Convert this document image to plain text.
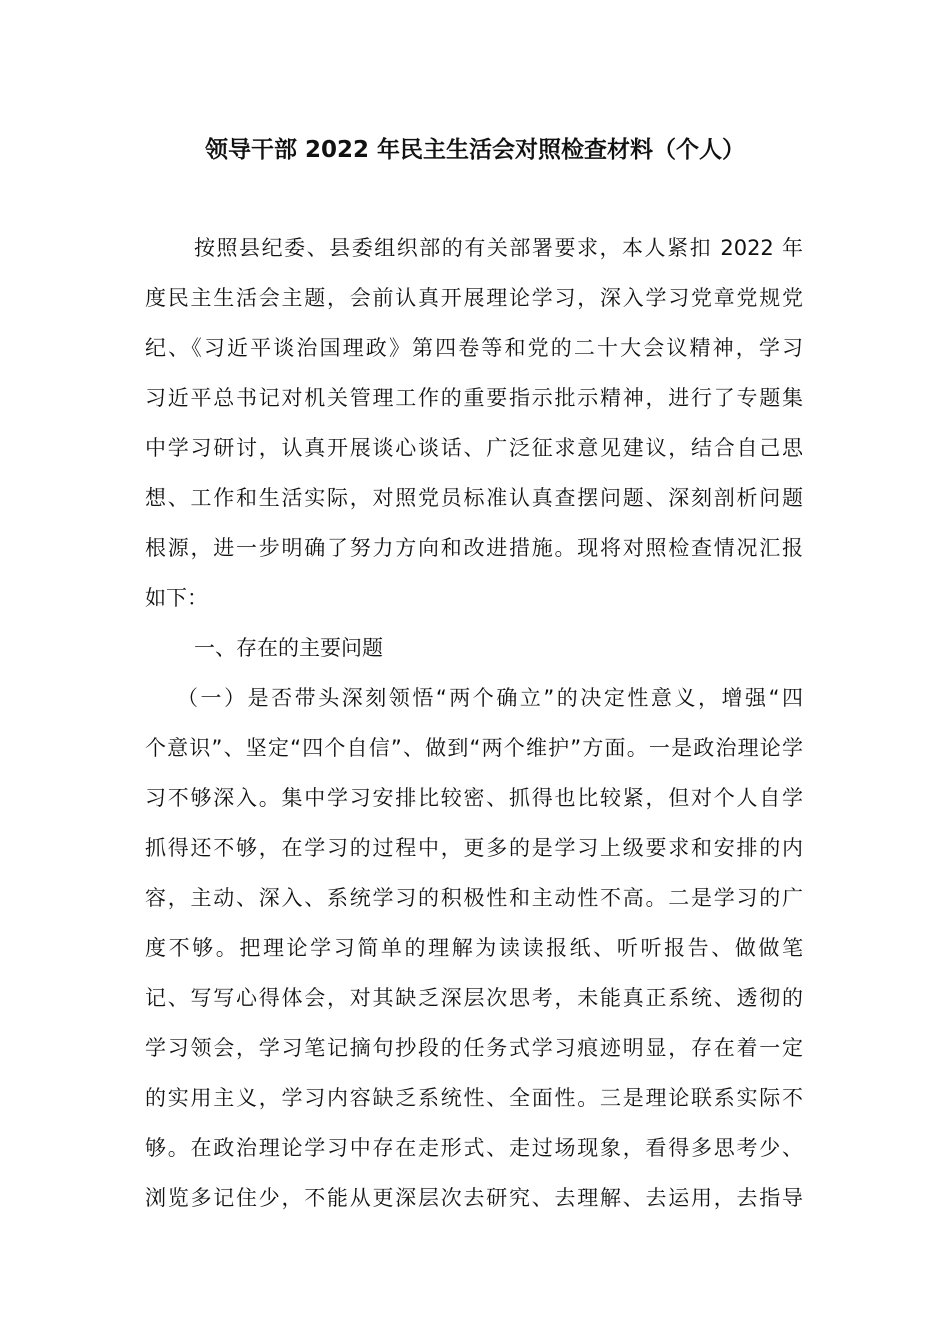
领导干部 2022 年民主生活会对照检查材料（个人）
按照县纪委、县委组织部的有关部署要求，本人紧扣 2022 年
度民主生活会主题，会前认真开展理论学习，深入学习党章党规党
纪、《习近平谈治国理政》第四卷等和党的二十大会议精神，学习
习近平总书记对机关管理工作的重要指示批示精神，进行了专题集
中学习研讨，认真开展谈心谈话、广泛征求意见建议，结合自己思
想、工作和生活实际，对照党员标准认真查摆问题、深刻剖析问题
根源，进一步明确了努力方向和改进措施。现将对照检查情况汇报
如下：
一、存在的主要问题
（一）是否带头深刻领悟“两个确立”的决定性意义，增强“四
个意识”、坚定“四个自信”、做到“两个维护”方面。一是政治理论学
习不够深入。集中学习安排比较密、抓得也比较紧，但对个人自学
抓得还不够，在学习的过程中，更多的是学习上级要求和安排的内
容，主动、深入、系统学习的积极性和主动性不高。二是学习的广
度不够。把理论学习简单的理解为读读报纸、听听报告、做做笔
记、写写心得体会，对其缺乏深层次思考，未能真正系统、透彻的
学习领会，学习笔记摘句抄段的任务式学习痕迹明显，存在着一定
的实用主义，学习内容缺乏系统性、全面性。三是理论联系实际不
够。在政治理论学习中存在走形式、走过场现象，看得多思考少、
浏览多记住少，不能从更深层次去研究、去理解、去运用，去指导
